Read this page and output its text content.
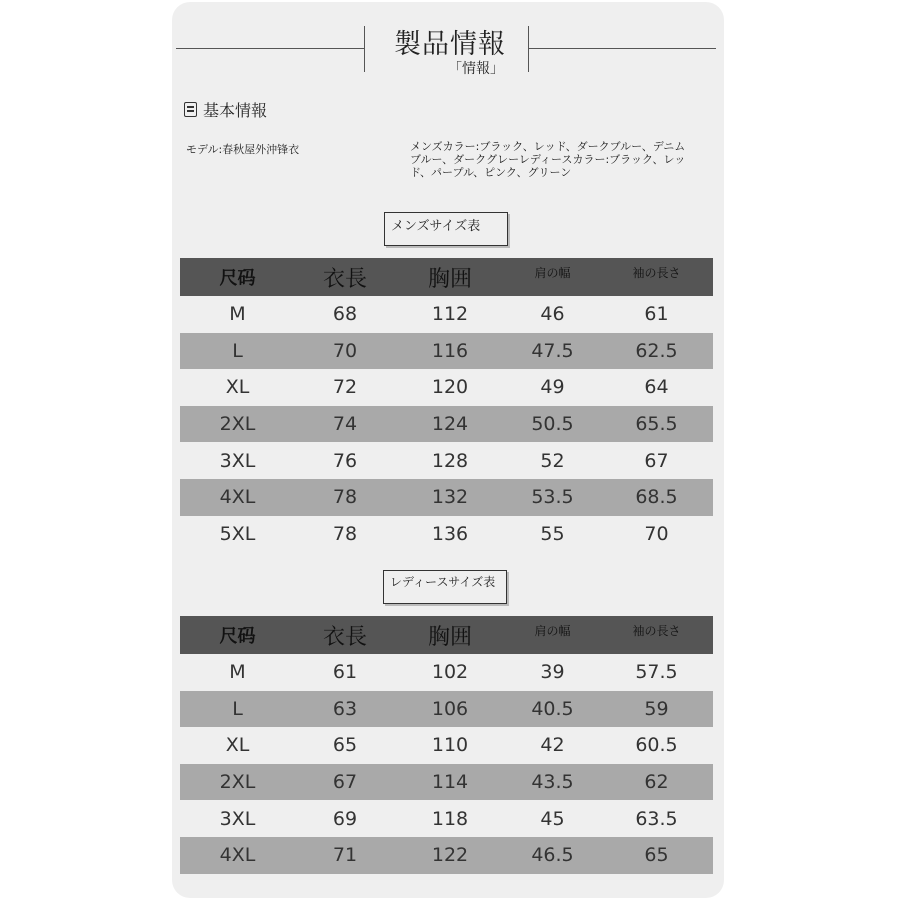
製品情報
「情報」
基本情報
モデル:春秋屋外沖锋衣	メンズカラー:ブラック、レッド、ダークブルー、デニムブルー、ダークグレーレディースカラー:ブラック、レッド、パープル、ピンク、グリーン
メンズサイズ表
尺码	衣長	胸囲	肩の幅	袖の長さ
M	68	112	46	61
L	70	116	47.5	62.5
XL	72	120	49	64
2XL	74	124	50.5	65.5
3XL	76	128	52	67
4XL	78	132	53.5	68.5
5XL	78	136	55	70
レディースサイズ表
尺码	衣長	胸囲	肩の幅	袖の長さ
M	61	102	39	57.5
L	63	106	40.5	59
XL	65	110	42	60.5
2XL	67	114	43.5	62
3XL	69	118	45	63.5
4XL	71	122	46.5	65
